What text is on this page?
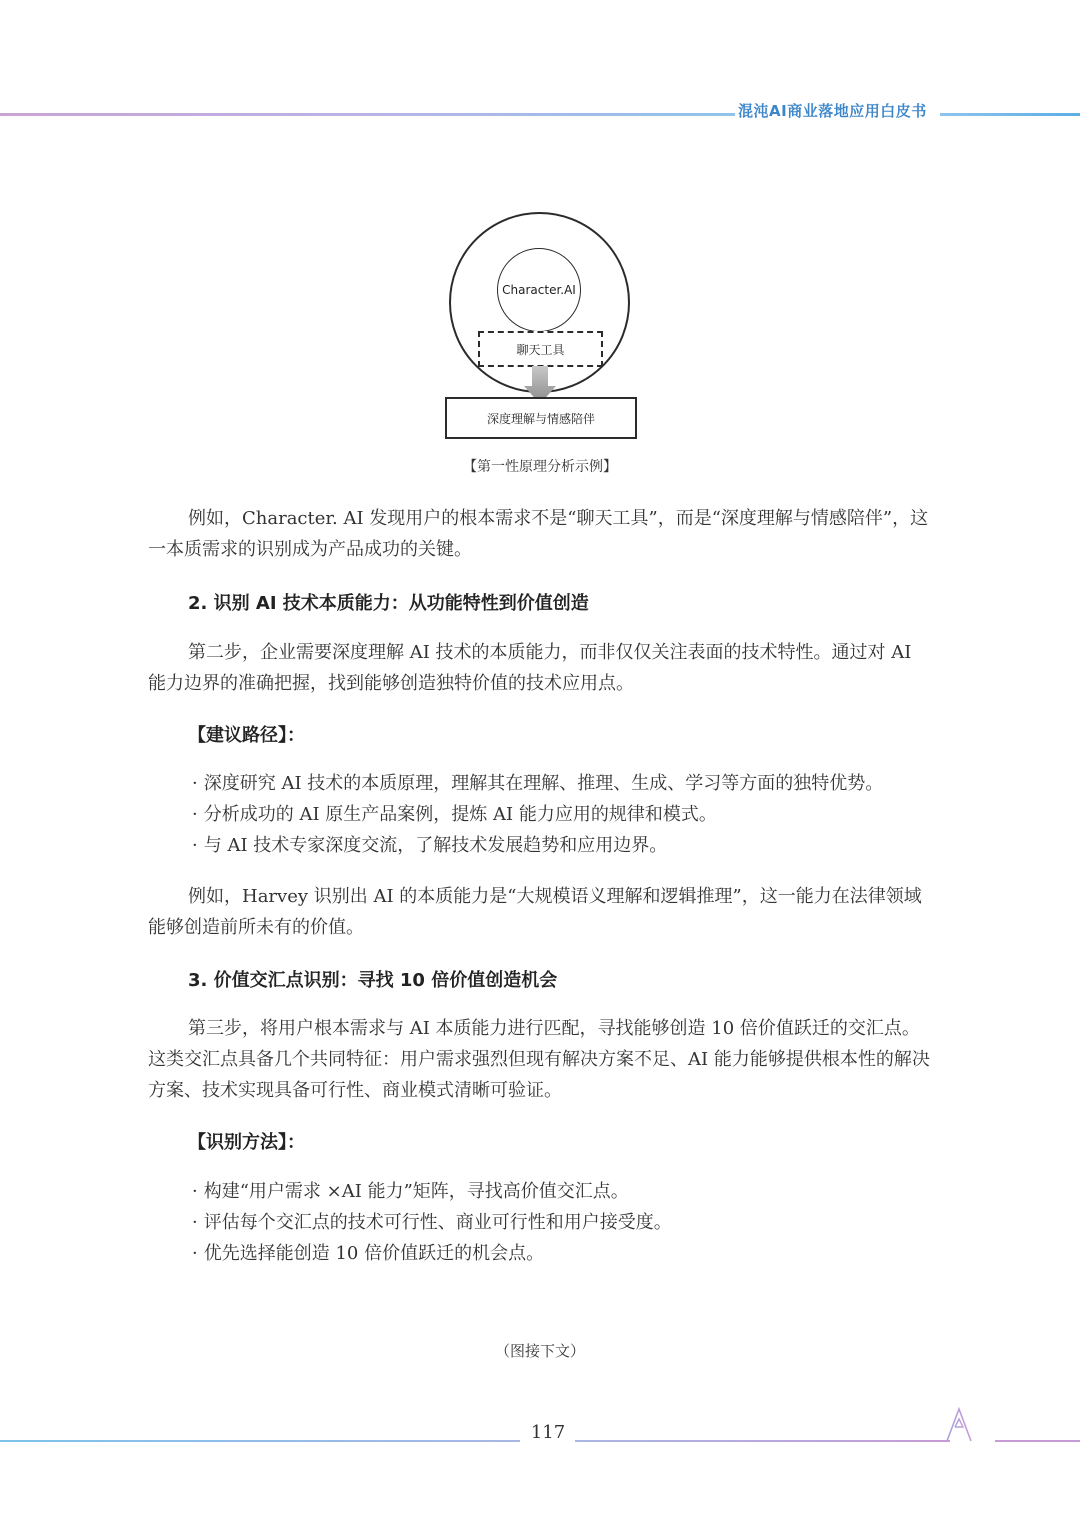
混沌AI商业落地应用白皮书
Character.AI
聊天工具
深度理解与情感陪伴
【第一性原理分析示例】

例如，Character. AI 发现用户的根本需求不是“聊天工具”，而是“深度理解与情感陪伴”，这一本质需求的识别成为产品成功的关键。

2. 识别 AI 技术本质能力：从功能特性到价值创造

第二步，企业需要深度理解 AI 技术的本质能力，而非仅仅关注表面的技术特性。通过对 AI 能力边界的准确把握，找到能够创造独特价值的技术应用点。

【建议路径】：
· 深度研究 AI 技术的本质原理，理解其在理解、推理、生成、学习等方面的独特优势。
· 分析成功的 AI 原生产品案例，提炼 AI 能力应用的规律和模式。
· 与 AI 技术专家深度交流，了解技术发展趋势和应用边界。

例如，Harvey 识别出 AI 的本质能力是“大规模语义理解和逻辑推理”，这一能力在法律领域能够创造前所未有的价值。

3. 价值交汇点识别：寻找 10 倍价值创造机会

第三步，将用户根本需求与 AI 本质能力进行匹配，寻找能够创造 10 倍价值跃迁的交汇点。这类交汇点具备几个共同特征：用户需求强烈但现有解决方案不足、AI 能力能够提供根本性的解决方案、技术实现具备可行性、商业模式清晰可验证。

【识别方法】：
· 构建“用户需求 ×AI 能力”矩阵，寻找高价值交汇点。
· 评估每个交汇点的技术可行性、商业可行性和用户接受度。
· 优先选择能创造 10 倍价值跃迁的机会点。
（图接下文）
117
